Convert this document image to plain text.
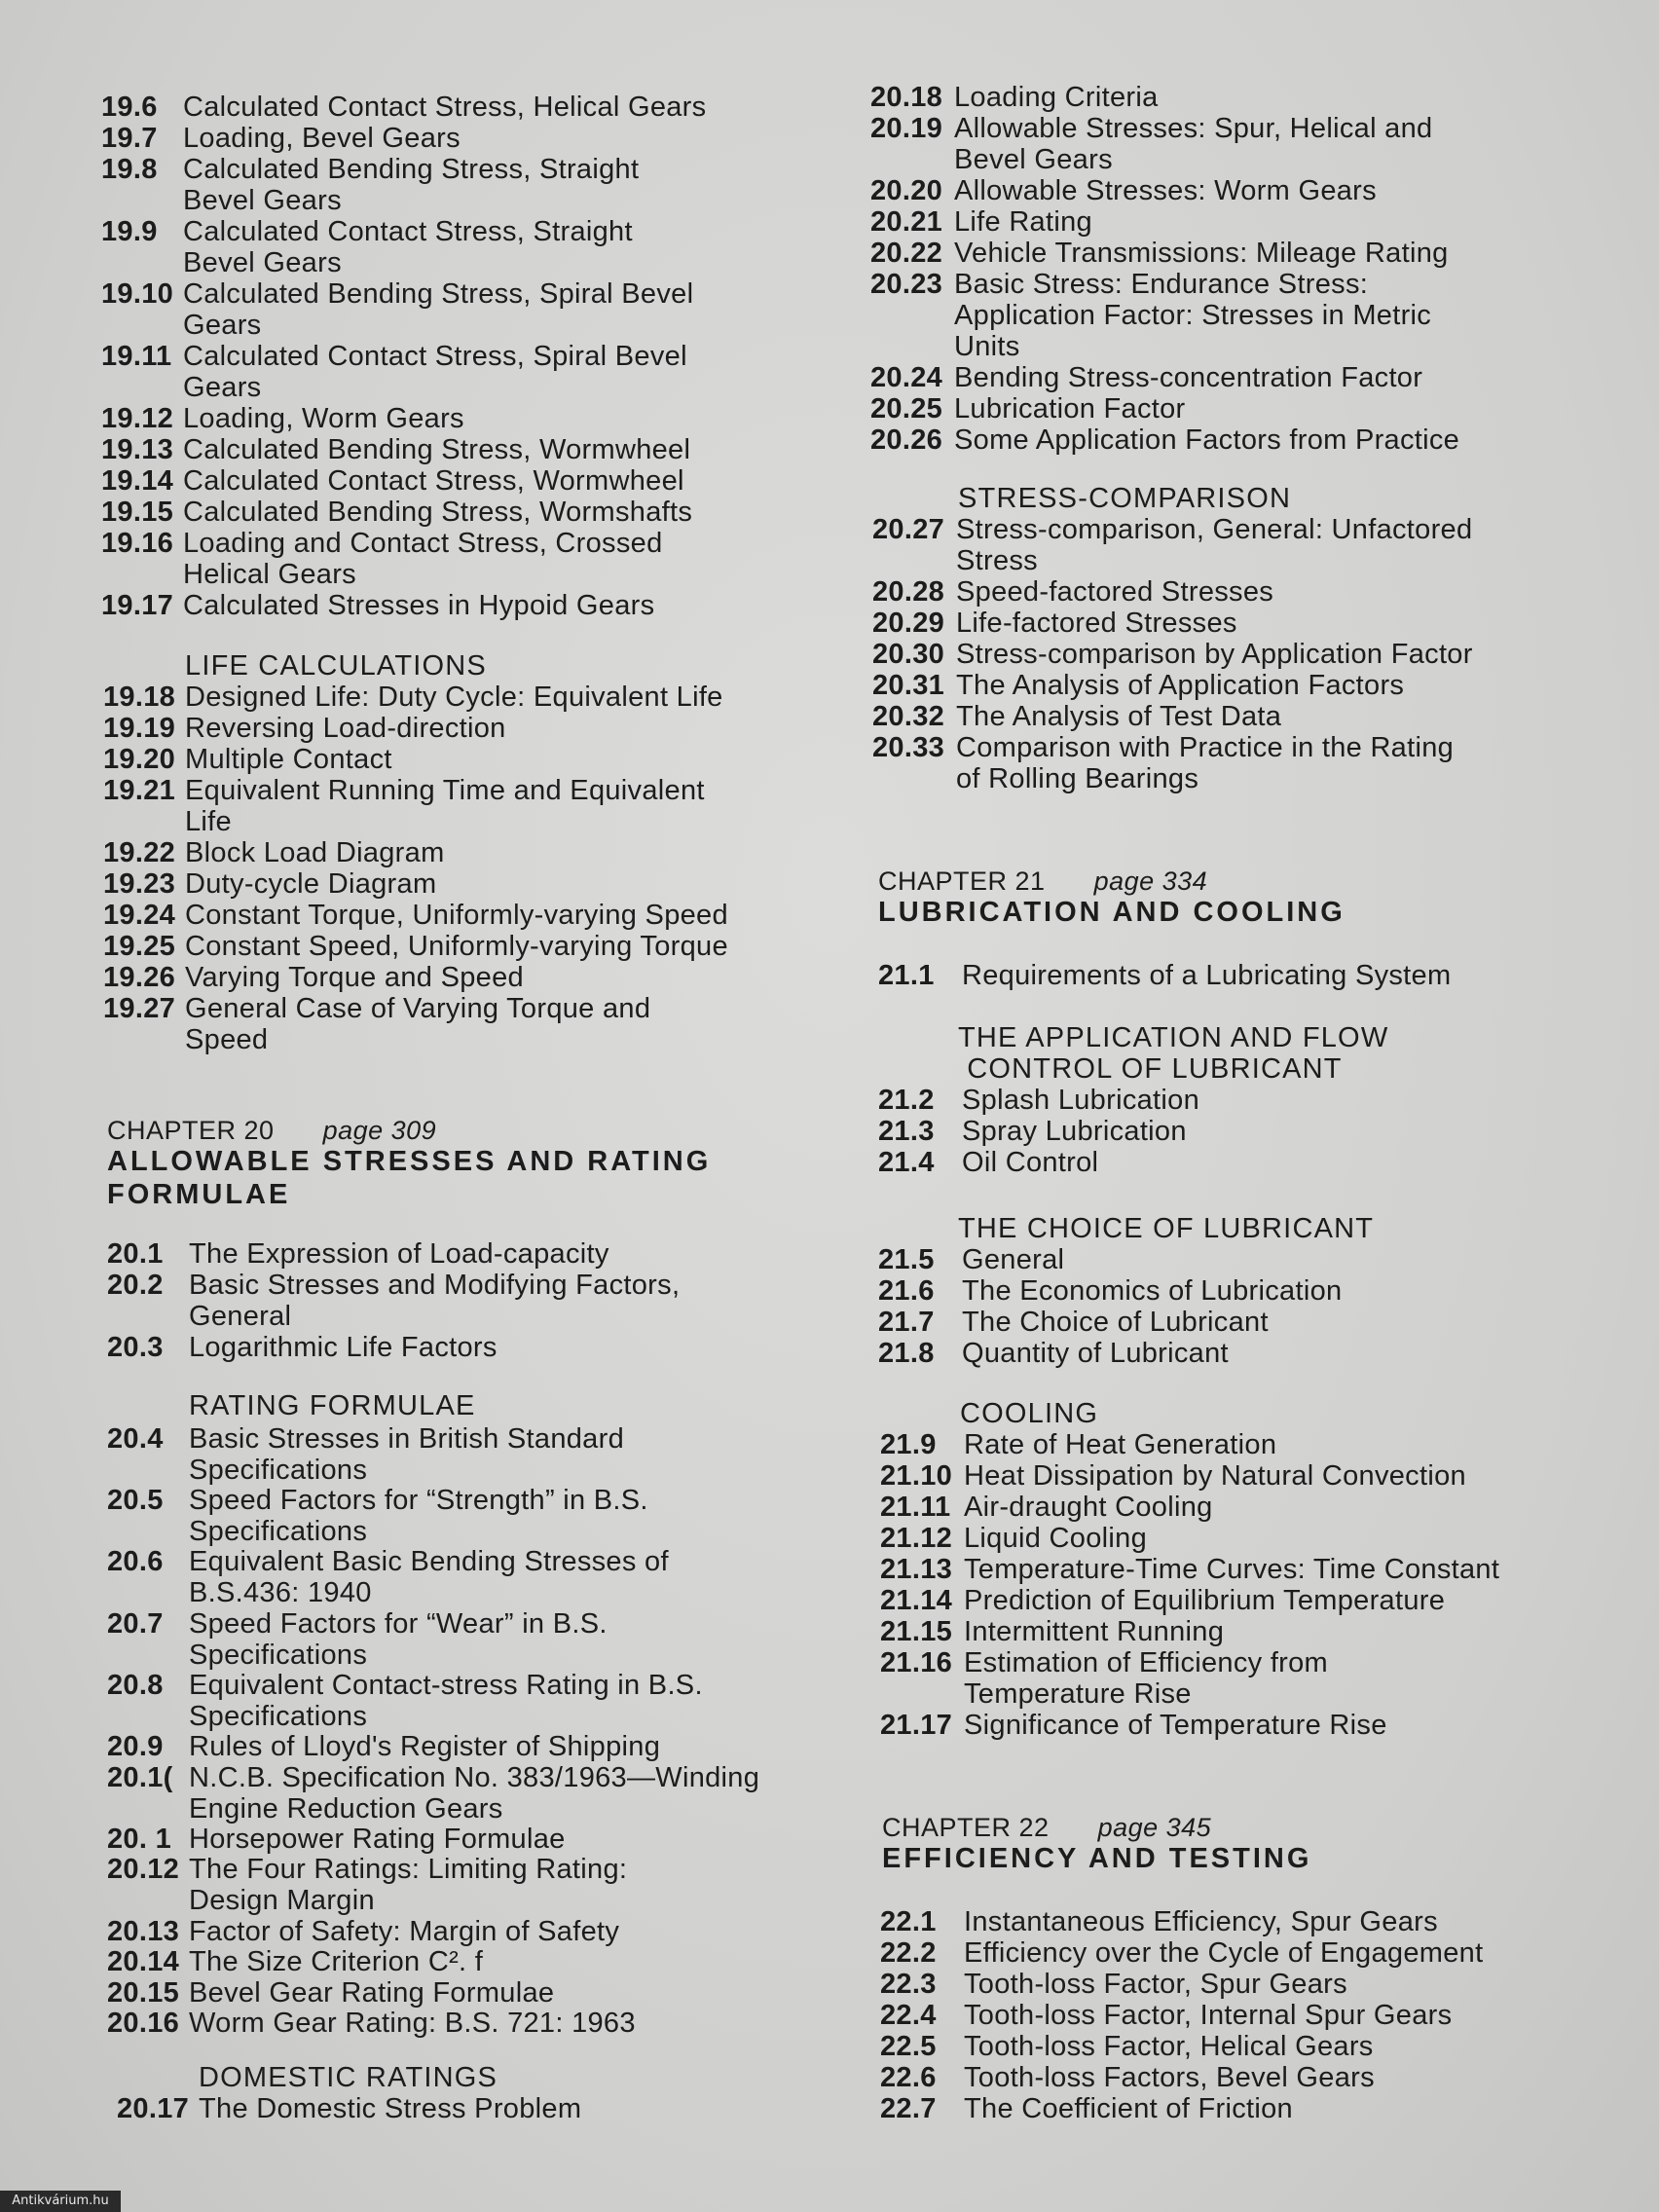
19.6 Calculated Contact Stress, Helical Gears
19.7 Loading, Bevel Gears
19.8 Calculated Bending Stress, Straight
Bevel Gears
19.9 Calculated Contact Stress, Straight
Bevel Gears
19.10 Calculated Bending Stress, Spiral Bevel
Gears
19.11 Calculated Contact Stress, Spiral Bevel
Gears
19.12 Loading, Worm Gears
19.13 Calculated Bending Stress, Wormwheel
19.14 Calculated Contact Stress, Wormwheel
19.15 Calculated Bending Stress, Wormshafts
19.16 Loading and Contact Stress, Crossed
Helical Gears
19.17 Calculated Stresses in Hypoid Gears
LIFE CALCULATIONS
19.18 Designed Life: Duty Cycle: Equivalent Life
19.19 Reversing Load-direction
19.20 Multiple Contact
19.21 Equivalent Running Time and Equivalent
Life
19.22 Block Load Diagram
19.23 Duty-cycle Diagram
19.24 Constant Torque, Uniformly-varying Speed
19.25 Constant Speed, Uniformly-varying Torque
19.26 Varying Torque and Speed
19.27 General Case of Varying Torque and
Speed
CHAPTER 20 page 309
ALLOWABLE STRESSES AND RATING
FORMULAE
20.1 The Expression of Load-capacity
20.2 Basic Stresses and Modifying Factors,
General
20.3 Logarithmic Life Factors
RATING FORMULAE
20.4 Basic Stresses in British Standard
Specifications
20.5 Speed Factors for “Strength” in B.S.
Specifications
20.6 Equivalent Basic Bending Stresses of
B.S.436: 1940
20.7 Speed Factors for “Wear” in B.S.
Specifications
20.8 Equivalent Contact-stress Rating in B.S.
Specifications
20.9 Rules of Lloyd's Register of Shipping
20.1( N.C.B. Specification No. 383/1963—Winding
Engine Reduction Gears
20. 1 Horsepower Rating Formulae
20.12 The Four Ratings: Limiting Rating:
Design Margin
20.13 Factor of Safety: Margin of Safety
20.14 The Size Criterion C². f
20.15 Bevel Gear Rating Formulae
20.16 Worm Gear Rating: B.S. 721: 1963
DOMESTIC RATINGS
20.17 The Domestic Stress Problem
20.18 Loading Criteria
20.19 Allowable Stresses: Spur, Helical and
Bevel Gears
20.20 Allowable Stresses: Worm Gears
20.21 Life Rating
20.22 Vehicle Transmissions: Mileage Rating
20.23 Basic Stress: Endurance Stress:
Application Factor: Stresses in Metric
Units
20.24 Bending Stress-concentration Factor
20.25 Lubrication Factor
20.26 Some Application Factors from Practice
STRESS-COMPARISON
20.27 Stress-comparison, General: Unfactored
Stress
20.28 Speed-factored Stresses
20.29 Life-factored Stresses
20.30 Stress-comparison by Application Factor
20.31 The Analysis of Application Factors
20.32 The Analysis of Test Data
20.33 Comparison with Practice in the Rating
of Rolling Bearings
CHAPTER 21 page 334
LUBRICATION AND COOLING
21.1 Requirements of a Lubricating System
THE APPLICATION AND FLOW
CONTROL OF LUBRICANT
21.2 Splash Lubrication
21.3 Spray Lubrication
21.4 Oil Control
THE CHOICE OF LUBRICANT
21.5 General
21.6 The Economics of Lubrication
21.7 The Choice of Lubricant
21.8 Quantity of Lubricant
COOLING
21.9 Rate of Heat Generation
21.10 Heat Dissipation by Natural Convection
21.11 Air-draught Cooling
21.12 Liquid Cooling
21.13 Temperature-Time Curves: Time Constant
21.14 Prediction of Equilibrium Temperature
21.15 Intermittent Running
21.16 Estimation of Efficiency from
Temperature Rise
21.17 Significance of Temperature Rise
CHAPTER 22 page 345
EFFICIENCY AND TESTING
22.1 Instantaneous Efficiency, Spur Gears
22.2 Efficiency over the Cycle of Engagement
22.3 Tooth-loss Factor, Spur Gears
22.4 Tooth-loss Factor, Internal Spur Gears
22.5 Tooth-loss Factor, Helical Gears
22.6 Tooth-loss Factors, Bevel Gears
22.7 The Coefficient of Friction
Antikvárium.hu
